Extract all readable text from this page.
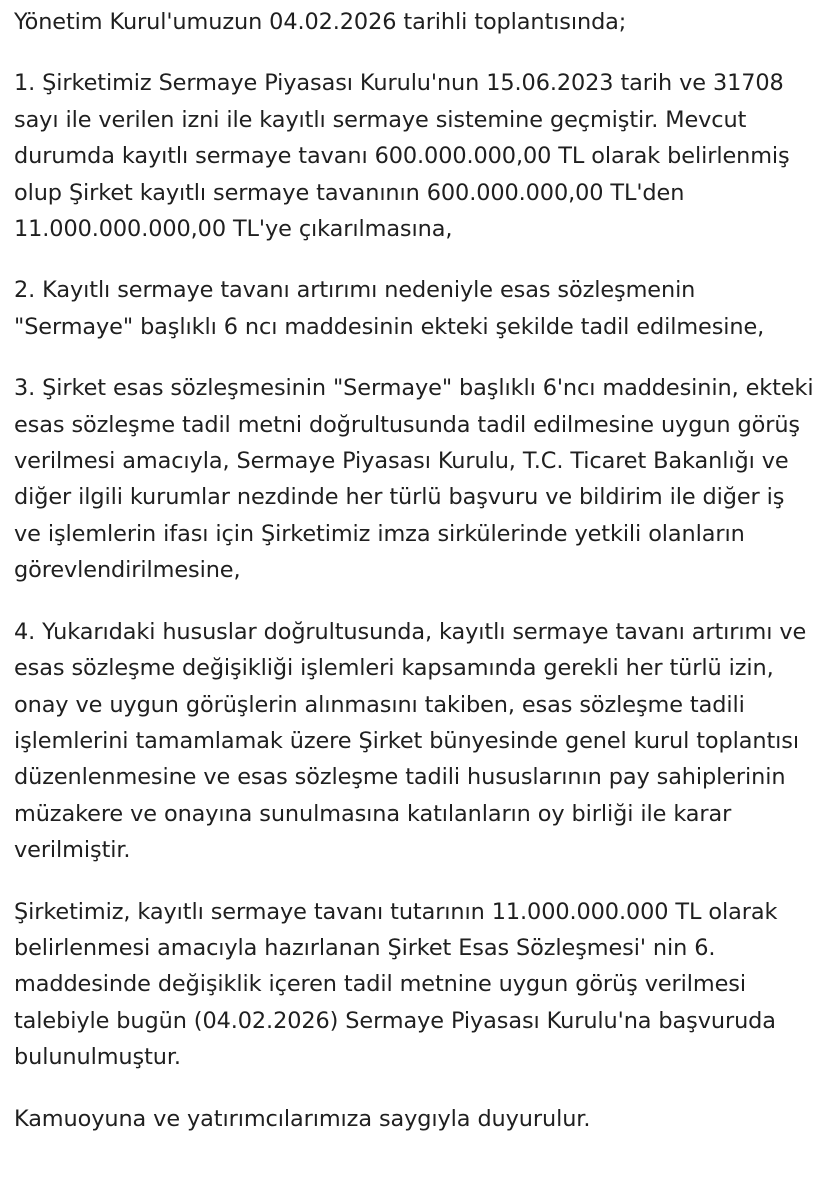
Yönetim Kurul'umuzun 04.02.2026 tarihli toplantısında;

1. Şirketimiz Sermaye Piyasası Kurulu'nun 15.06.2023 tarih ve 31708 sayı ile verilen izni ile kayıtlı sermaye sistemine geçmiştir. Mevcut durumda kayıtlı sermaye tavanı 600.000.000,00 TL olarak belirlenmiş olup Şirket kayıtlı sermaye tavanının 600.000.000,00 TL'den 11.000.000.000,00 TL'ye çıkarılmasına,

2. Kayıtlı sermaye tavanı artırımı nedeniyle esas sözleşmenin "Sermaye" başlıklı 6 ncı maddesinin ekteki şekilde tadil edilmesine,

3. Şirket esas sözleşmesinin "Sermaye" başlıklı 6'ncı maddesinin, ekteki esas sözleşme tadil metni doğrultusunda tadil edilmesine uygun görüş verilmesi amacıyla, Sermaye Piyasası Kurulu, T.C. Ticaret Bakanlığı ve diğer ilgili kurumlar nezdinde her türlü başvuru ve bildirim ile diğer iş ve işlemlerin ifası için Şirketimiz imza sirkülerinde yetkili olanların görevlendirilmesine,

4. Yukarıdaki hususlar doğrultusunda, kayıtlı sermaye tavanı artırımı ve esas sözleşme değişikliği işlemleri kapsamında gerekli her türlü izin, onay ve uygun görüşlerin alınmasını takiben, esas sözleşme tadili işlemlerini tamamlamak üzere Şirket bünyesinde genel kurul toplantısı düzenlenmesine ve esas sözleşme tadili hususlarının pay sahiplerinin müzakere ve onayına sunulmasına katılanların oy birliği ile karar verilmiştir.

Şirketimiz, kayıtlı sermaye tavanı tutarının 11.000.000.000 TL olarak belirlenmesi amacıyla hazırlanan Şirket Esas Sözleşmesi' nin 6. maddesinde değişiklik içeren tadil metnine uygun görüş verilmesi talebiyle bugün (04.02.2026) Sermaye Piyasası Kurulu'na başvuruda bulunulmuştur.

Kamuoyuna ve yatırımcılarımıza saygıyla duyurulur.
